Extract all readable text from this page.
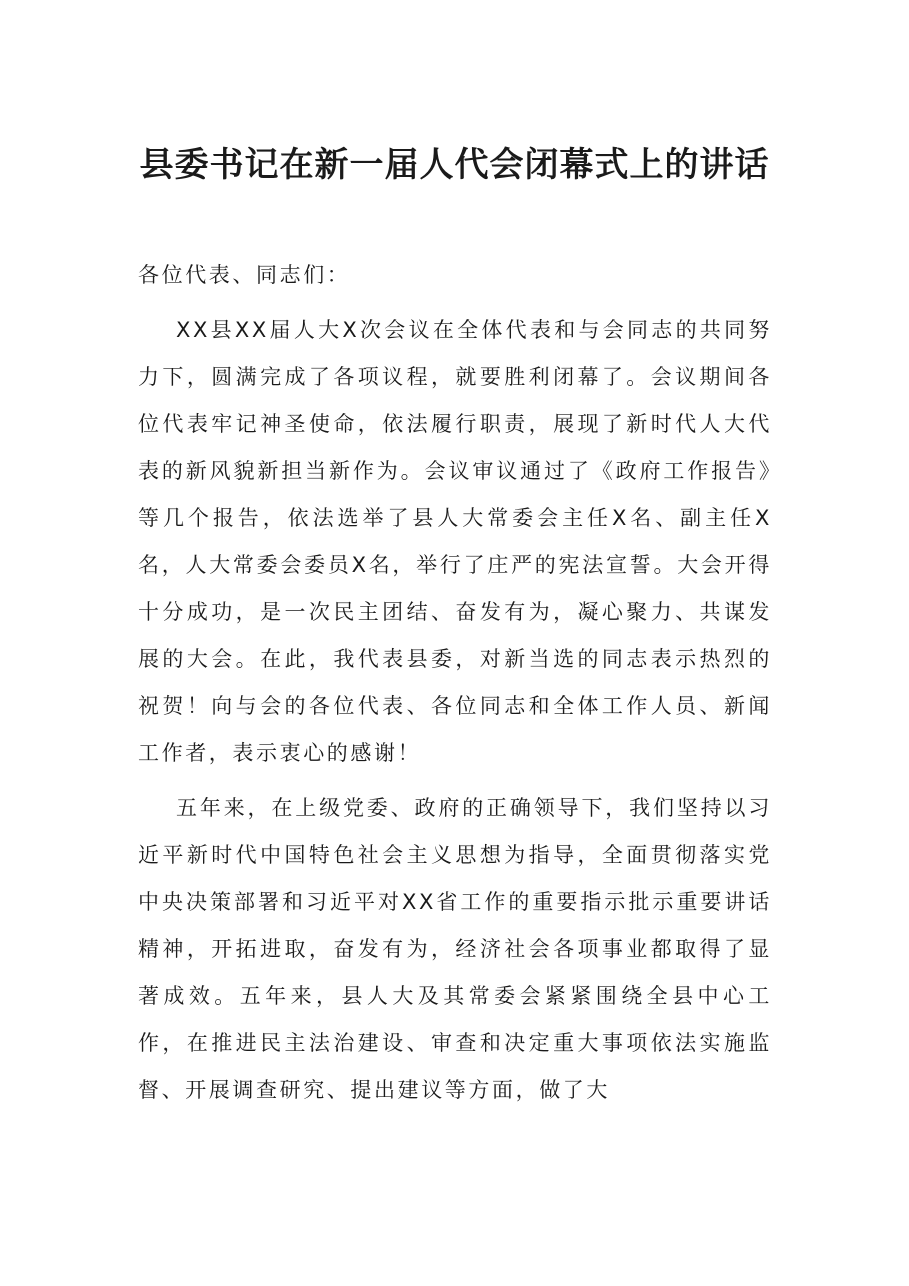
县委书记在新一届人代会闭幕式上的讲话

各位代表、同志们：

XX县XX届人大X次会议在全体代表和与会同志的共同努力下，圆满完成了各项议程，就要胜利闭幕了。会议期间各位代表牢记神圣使命，依法履行职责，展现了新时代人大代表的新风貌新担当新作为。会议审议通过了《政府工作报告》等几个报告，依法选举了县人大常委会主任X名、副主任X名，人大常委会委员X名，举行了庄严的宪法宣誓。大会开得十分成功，是一次民主团结、奋发有为，凝心聚力、共谋发展的大会。在此，我代表县委，对新当选的同志表示热烈的祝贺！向与会的各位代表、各位同志和全体工作人员、新闻工作者，表示衷心的感谢！

五年来，在上级党委、政府的正确领导下，我们坚持以习近平新时代中国特色社会主义思想为指导，全面贯彻落实党中央决策部署和习近平对XX省工作的重要指示批示重要讲话精神，开拓进取，奋发有为，经济社会各项事业都取得了显著成效。五年来，县人大及其常委会紧紧围绕全县中心工作，在推进民主法治建设、审查和决定重大事项依法实施监督、开展调查研究、提出建议等方面，做了大
